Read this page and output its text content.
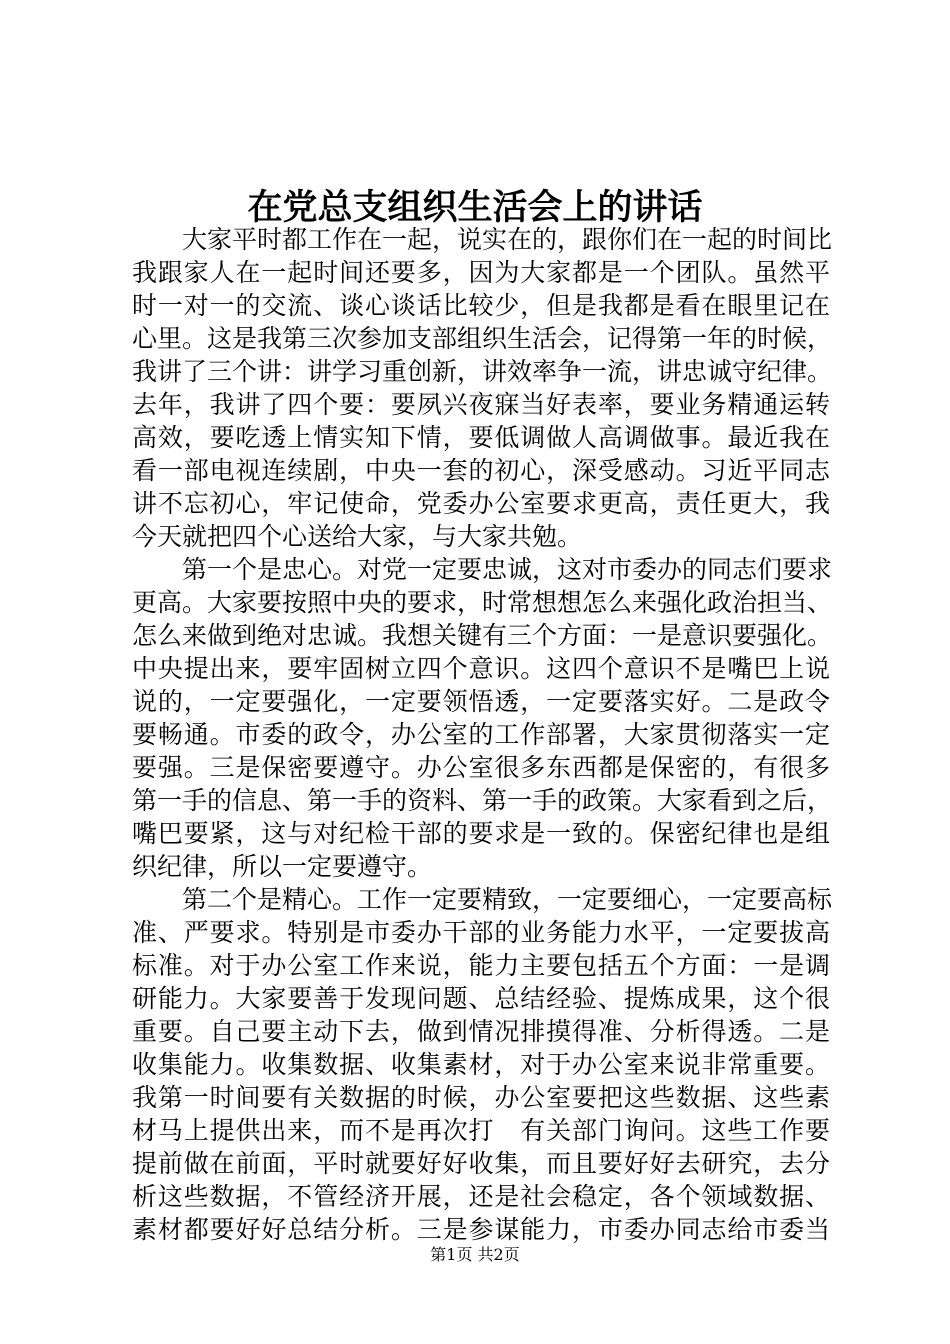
在党总支组织生活会上的讲话
大家平时都工作在一起，说实在的，跟你们在一起的时间比
我跟家人在一起时间还要多，因为大家都是一个团队。虽然平
时一对一的交流、谈心谈话比较少，但是我都是看在眼里记在
心里。这是我第三次参加支部组织生活会，记得第一年的时候，
我讲了三个讲：讲学习重创新，讲效率争一流，讲忠诚守纪律。
去年，我讲了四个要：要夙兴夜寐当好表率，要业务精通运转
高效，要吃透上情实知下情，要低调做人高调做事。最近我在
看一部电视连续剧，中央一套的初心，深受感动。习近平同志
讲不忘初心，牢记使命，党委办公室要求更高，责任更大，我
今天就把四个心送给大家，与大家共勉。
第一个是忠心。对党一定要忠诚，这对市委办的同志们要求
更高。大家要按照中央的要求，时常想想怎么来强化政治担当、
怎么来做到绝对忠诚。我想关键有三个方面：一是意识要强化。
中央提出来，要牢固树立四个意识。这四个意识不是嘴巴上说
说的，一定要强化，一定要领悟透，一定要落实好。二是政令
要畅通。市委的政令，办公室的工作部署，大家贯彻落实一定
要强。三是保密要遵守。办公室很多东西都是保密的，有很多
第一手的信息、第一手的资料、第一手的政策。大家看到之后，
嘴巴要紧，这与对纪检干部的要求是一致的。保密纪律也是组
织纪律，所以一定要遵守。
第二个是精心。工作一定要精致，一定要细心，一定要高标
准、严要求。特别是市委办干部的业务能力水平，一定要拔高
标准。对于办公室工作来说，能力主要包括五个方面：一是调
研能力。大家要善于发现问题、总结经验、提炼成果，这个很
重要。自己要主动下去，做到情况排摸得准、分析得透。二是
收集能力。收集数据、收集素材，对于办公室来说非常重要。
我第一时间要有关数据的时候，办公室要把这些数据、这些素
材马上提供出来，而不是再次打　有关部门询问。这些工作要
提前做在前面，平时就要好好收集，而且要好好去研究，去分
析这些数据，不管经济开展，还是社会稳定，各个领域数据、
素材都要好好总结分析。三是参谋能力，市委办同志给市委当
第1页 共2页
